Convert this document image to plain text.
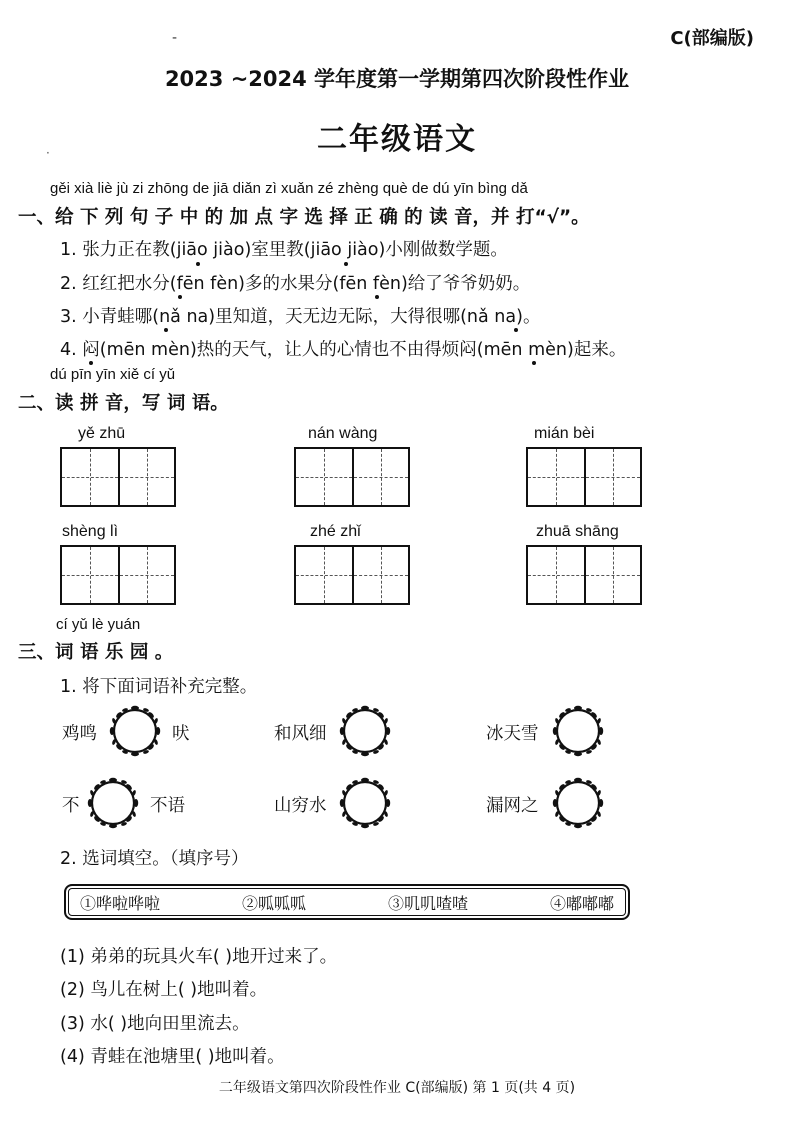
C(部编版)
-
2023 ~2024 学年度第一学期第四次阶段性作业
二年级语文
·
gěi xià liè jù zi zhōng de jiā diǎn zì xuǎn zé zhèng què de dú yīn bìng dǎ
一、给 下 列 句 子 中 的 加 点 字 选 择 正 确 的 读 音，并 打“√”。
1. 张力正在教(jiāo jiào)室里教(jiāo jiào)小刚做数学题。
2. 红红把水分(fēn fèn)多的水果分(fēn fèn)给了爷爷奶奶。
3. 小青蛙哪(nǎ na)里知道，天无边无际，大得很哪(nǎ na)。
4. 闷(mēn mèn)热的天气，让人的心情也不由得烦闷(mēn mèn)起来。
dú pīn yīn xiě cí yǔ
二、读 拼 音，写 词 语。
yě zhū	nán wàng	mián bèi
shèng lì	zhé zhǐ	zhuā shāng
cí yǔ lè yuán
三、词 语 乐 园 。
1. 将下面词语补充完整。
鸡鸣	吠	和风细	冰天雪
不	不语	山穷水	漏网之
2. 选词填空。（填序号）
①哗啦哗啦	②呱呱呱	③叽叽喳喳	④嘟嘟嘟
(1) 弟弟的玩具火车( )地开过来了。
(2) 鸟儿在树上( )地叫着。
(3) 水( )地向田里流去。
(4) 青蛙在池塘里( )地叫着。
二年级语文第四次阶段性作业 C(部编版) 第 1 页(共 4 页)
